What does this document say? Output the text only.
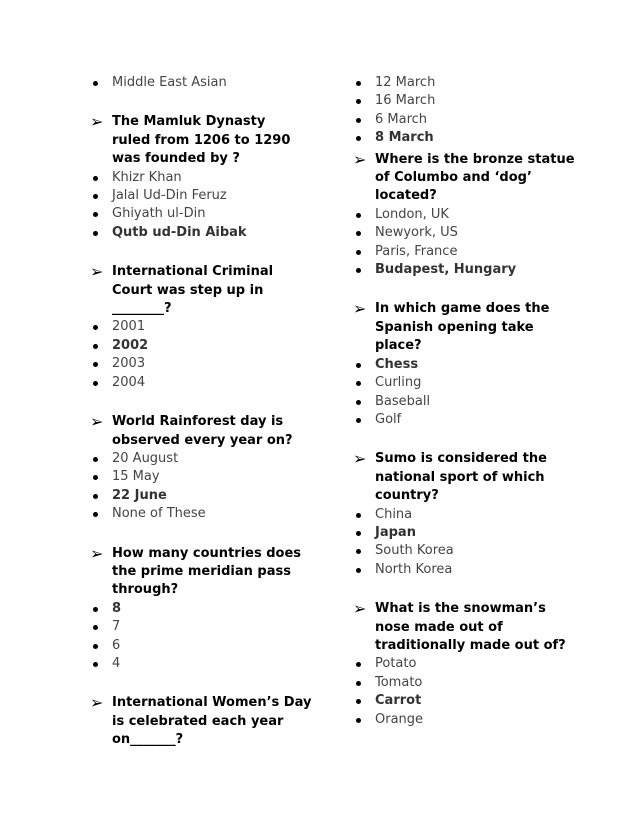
Middle East Asian
➢ The Mamluk Dynasty ruled from 1206 to 1290 was founded by ?
Khizr Khan
Jalal Ud-Din Feruz
Ghiyath ul-Din
Qutb ud-Din Aibak
➢ International Criminal Court was step up in ________?
2001
2002
2003
2004
➢ World Rainforest day is observed every year on?
20 August
15 May
22 June
None of These
➢ How many countries does the prime meridian pass through?
8
7
6
4
➢ International Women’s Day is celebrated each year on_______?
12 March
16 March
6 March
8 March
➢ Where is the bronze statue of Columbo and ‘dog’ located?
London, UK
Newyork, US
Paris, France
Budapest, Hungary
➢ In which game does the Spanish opening take place?
Chess
Curling
Baseball
Golf
➢ Sumo is considered the national sport of which country?
China
Japan
South Korea
North Korea
➢ What is the snowman’s nose made out of traditionally made out of?
Potato
Tomato
Carrot
Orange
